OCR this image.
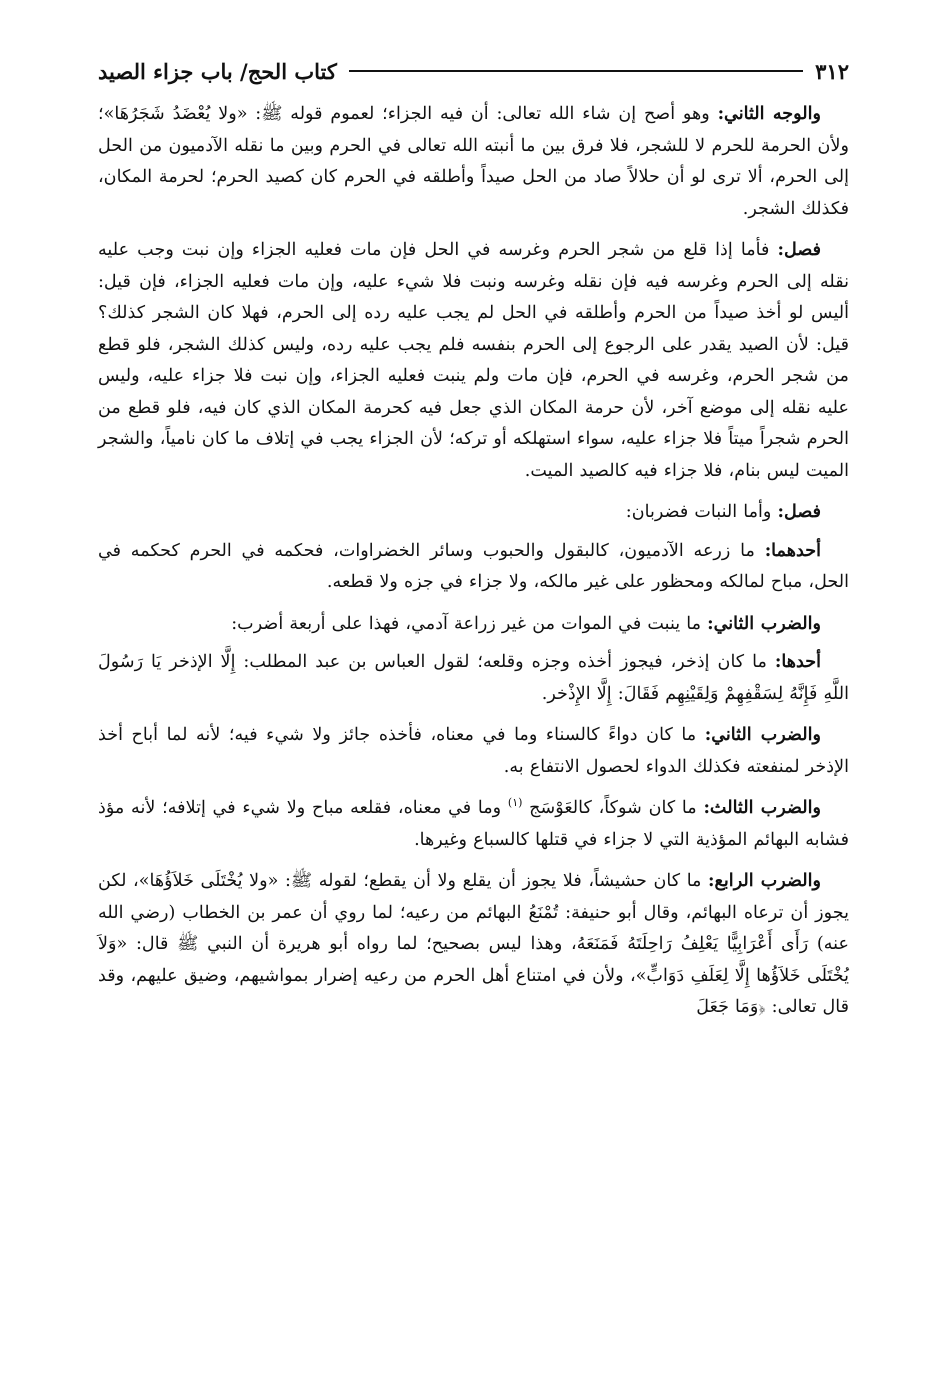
٣١٢
كتاب الحج/ باب جزاء الصيد

والوجه الثاني: وهو أصح إن شاء الله تعالى: أن فيه الجزاء؛ لعموم قوله ﷺ: «ولا يُعْضَدُ شَجَرُهَا»؛ ولأن الحرمة للحرم لا للشجر، فلا فرق بين ما أنبته الله تعالى في الحرم وبين ما نقله الآدميون من الحل إلى الحرم، ألا ترى لو أن حلالاً صاد من الحل صيداً وأطلقه في الحرم كان كصيد الحرم؛ لحرمة المكان، فكذلك الشجر.

فصل: فأما إذا قلع من شجر الحرم وغرسه في الحل فإن مات فعليه الجزاء وإن نبت وجب عليه نقله إلى الحرم وغرسه فيه فإن نقله وغرسه ونبت فلا شيء عليه، وإن مات فعليه الجزاء، فإن قيل: أليس لو أخذ صيداً من الحرم وأطلقه في الحل لم يجب عليه رده إلى الحرم، فهلا كان الشجر كذلك؟ قيل: لأن الصيد يقدر على الرجوع إلى الحرم بنفسه فلم يجب عليه رده، وليس كذلك الشجر، فلو قطع من شجر الحرم، وغرسه في الحرم، فإن مات ولم ينبت فعليه الجزاء، وإن نبت فلا جزاء عليه، وليس عليه نقله إلى موضع آخر، لأن حرمة المكان الذي جعل فيه كحرمة المكان الذي كان فيه، فلو قطع من الحرم شجراً ميتاً فلا جزاء عليه، سواء استهلكه أو تركه؛ لأن الجزاء يجب في إتلاف ما كان نامياً، والشجر الميت ليس بنام، فلا جزاء فيه كالصيد الميت.

فصل: وأما النبات فضربان:

أحدهما: ما زرعه الآدميون، كالبقول والحبوب وسائر الخضراوات، فحكمه في الحرم كحكمه في الحل، مباح لمالكه ومحظور على غير مالكه، ولا جزاء في جزه ولا قطعه.

والضرب الثاني: ما ينبت في الموات من غير زراعة آدمي، فهذا على أربعة أضرب:

أحدها: ما كان إذخر، فيجوز أخذه وجزه وقلعه؛ لقول العباس بن عبد المطلب: إِلَّا الإذخر يَا رَسُولَ اللَّهِ فَإِنَّهُ لِسَقْفِهِمْ وَلِقَيْنِهِم فَقَالَ: إِلَّا الإِذْخر.

والضرب الثاني: ما كان دواءً كالسناء وما في معناه، فأخذه جائز ولا شيء فيه؛ لأنه لما أباح أخذ الإذخر لمنفعته فكذلك الدواء لحصول الانتفاع به.

والضرب الثالث: ما كان شوكاً، كالعَوْسَج $^{(١)}$ وما في معناه، فقلعه مباح ولا شيء في إتلافه؛ لأنه مؤذ فشابه البهائم المؤذية التي لا جزاء في قتلها كالسباع وغيرها.

والضرب الرابع: ما كان حشيشاً، فلا يجوز أن يقلع ولا أن يقطع؛ لقوله ﷺ: «ولا يُخْتَلَى خَلاَؤُهَا»، لكن يجوز أن ترعاه البهائم، وقال أبو حنيفة: تُمْنَعُ البهائم من رعيه؛ لما روي أن عمر بن الخطاب (رضي الله عنه) رَأَى أَعْرَابِيًّا يَعْلِفُ رَاحِلَتَهُ فَمَنَعَهُ، وهذا ليس بصحيح؛ لما رواه أبو هريرة أن النبي ﷺ قال: «وَلاَ يُخْتَلَى خَلاَؤُها إِلَّا لِعَلَفِ دَوَابٍّ»، ولأن في امتناع أهل الحرم من رعيه إضرار بمواشيهم، وضيق عليهم، وقد قال تعالى: ﴿وَمَا جَعَلَ
